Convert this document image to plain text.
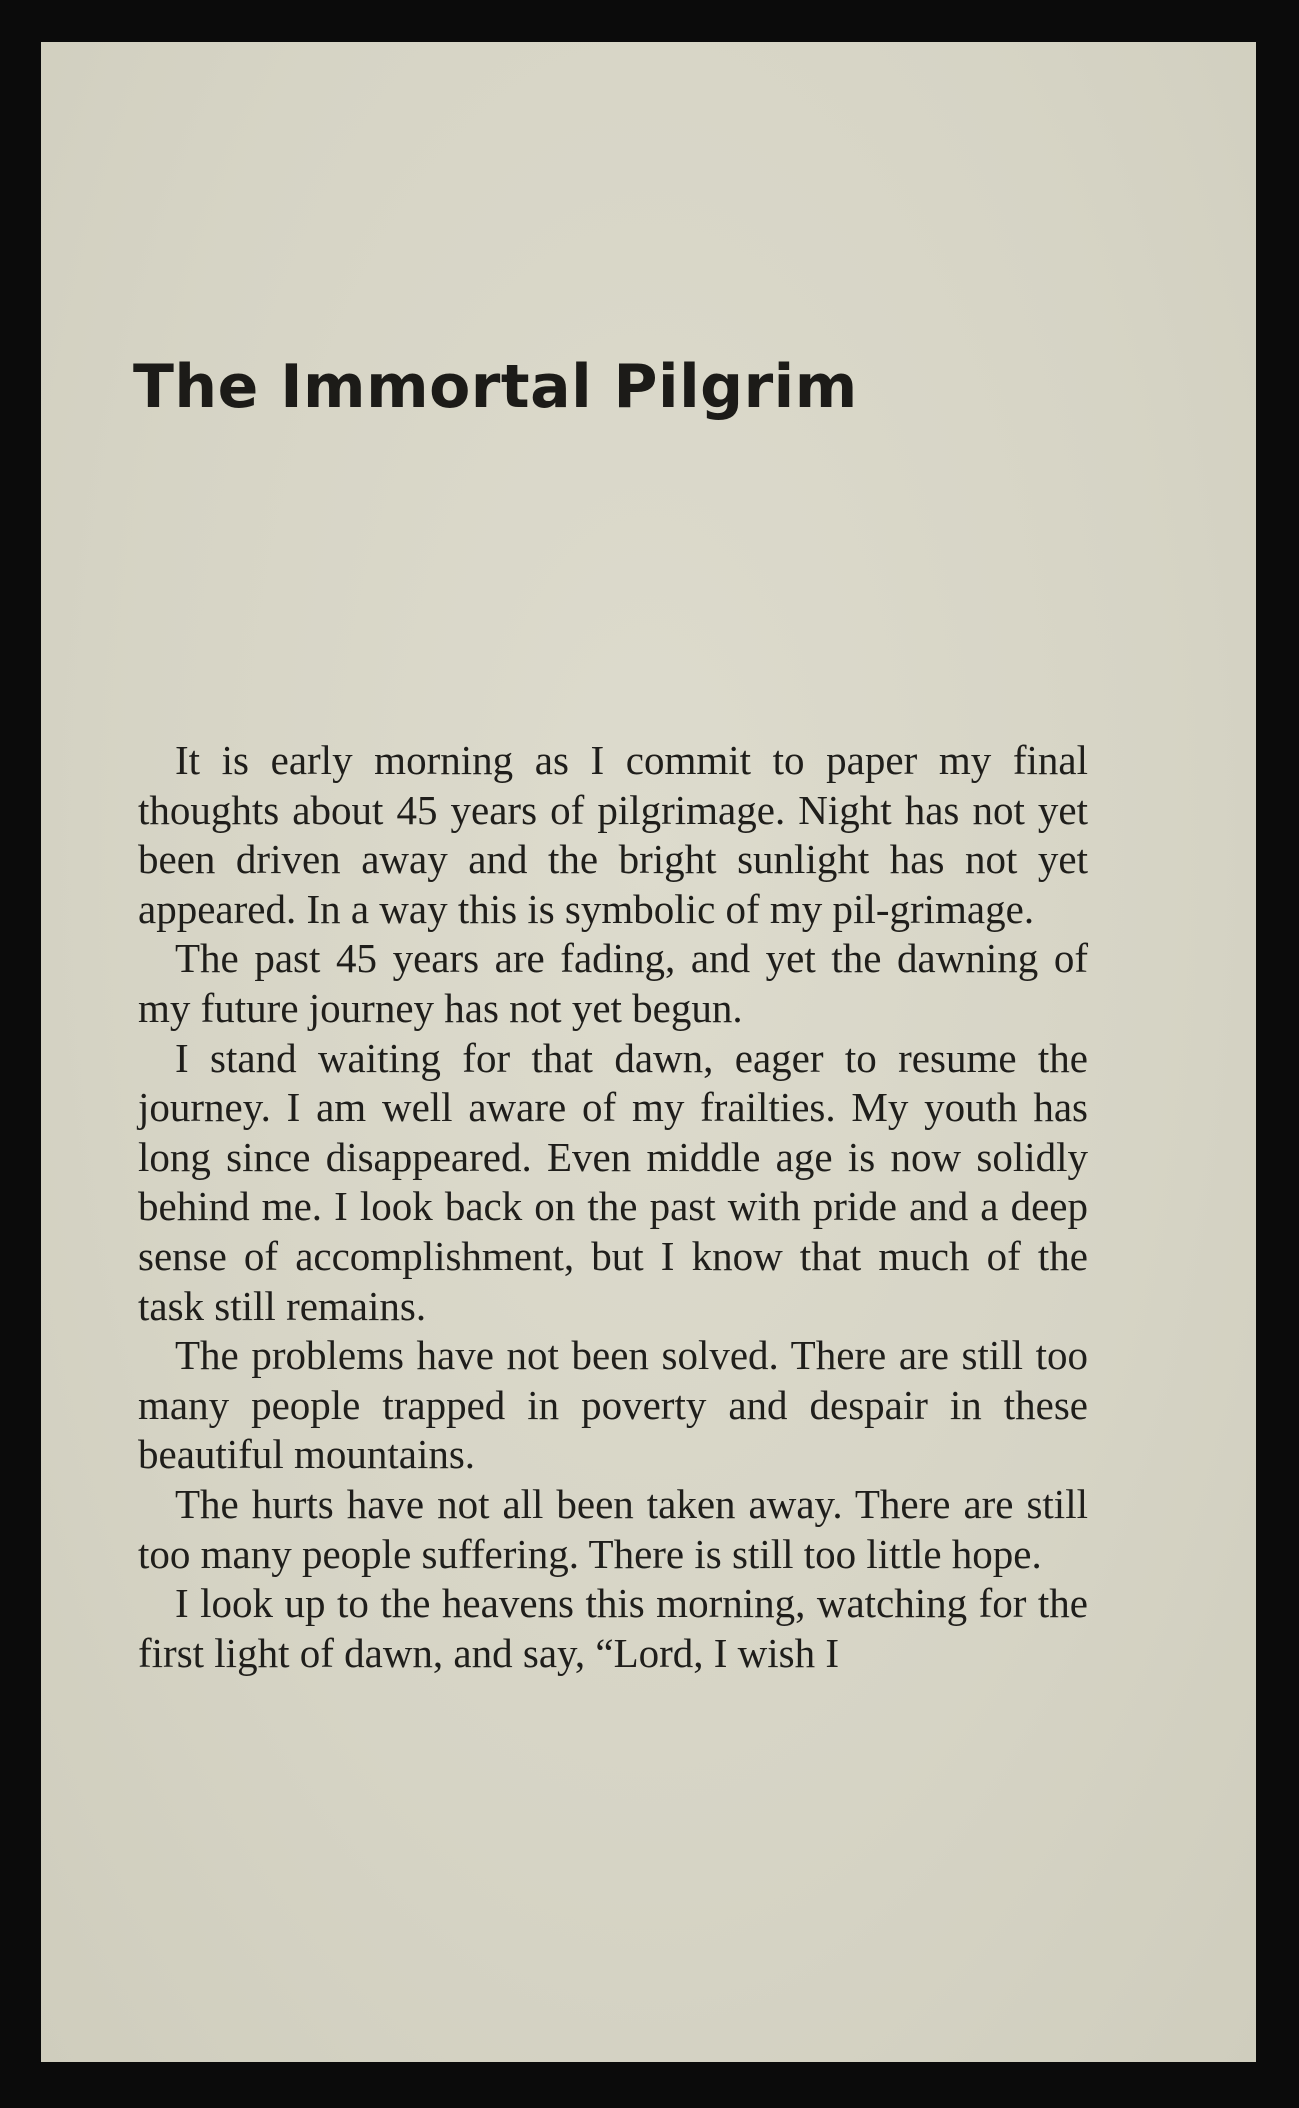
The Immortal Pilgrim

It is early morning as I commit to paper my final thoughts about 45 years of pilgrimage. Night has not yet been driven away and the bright sunlight has not yet appeared. In a way this is symbolic of my pil-grimage.

The past 45 years are fading, and yet the dawning of my future journey has not yet begun.

I stand waiting for that dawn, eager to resume the journey. I am well aware of my frailties. My youth has long since disappeared. Even middle age is now solidly behind me. I look back on the past with pride and a deep sense of accomplishment, but I know that much of the task still remains.

The problems have not been solved. There are still too many people trapped in poverty and despair in these beautiful mountains.

The hurts have not all been taken away. There are still too many people suffering. There is still too little hope.

I look up to the heavens this morning, watching for the first light of dawn, and say, “Lord, I wish I
